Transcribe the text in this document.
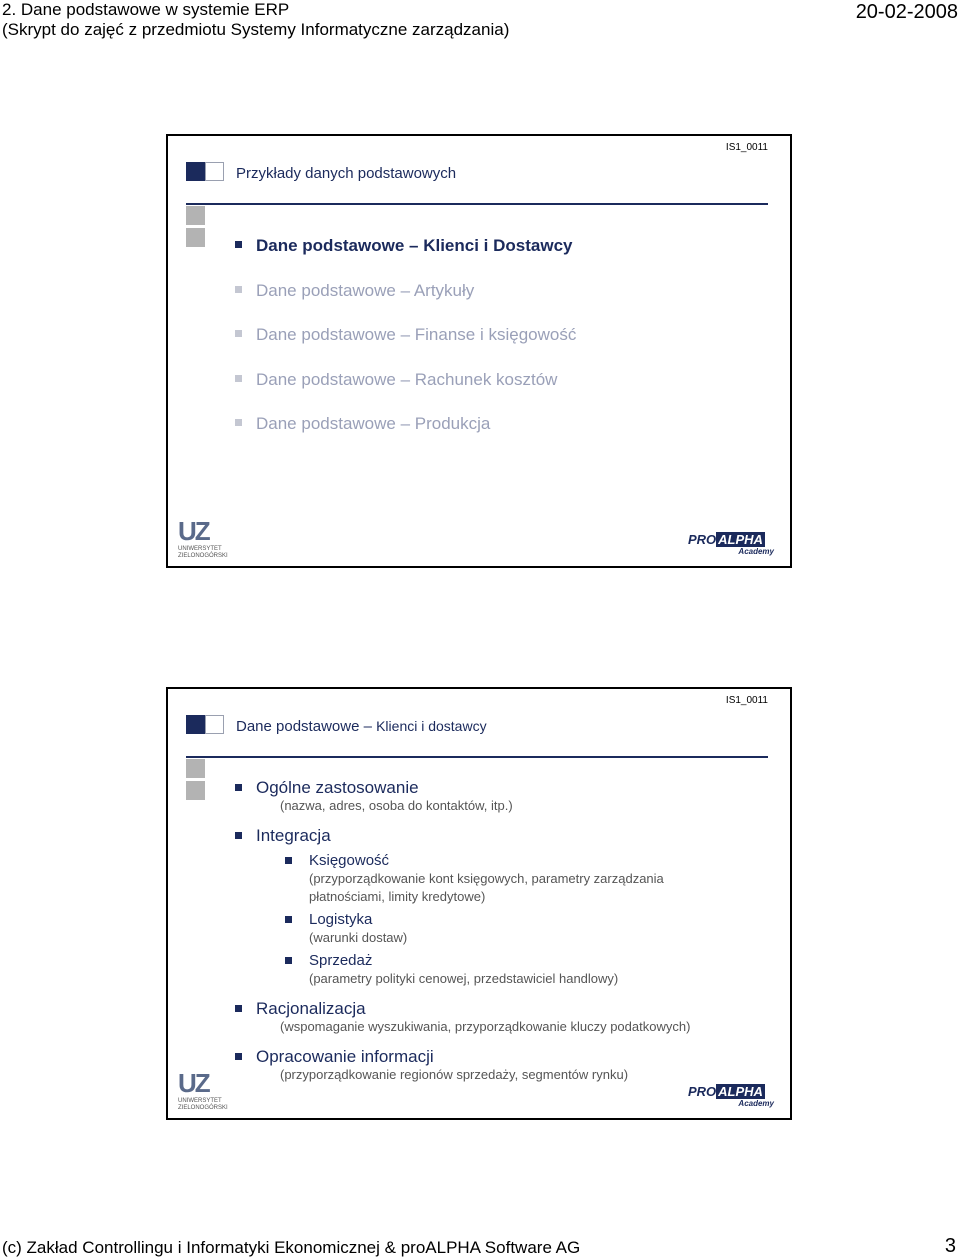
2. Dane podstawowe w systemie ERP
(Skrypt do zajęć z przedmiotu Systemy Informatyczne zarządzania)
20-02-2008
IS1_0011
Przykłady danych podstawowych
Dane podstawowe – Klienci i Dostawcy
Dane podstawowe – Artykuły
Dane podstawowe – Finanse i księgowość
Dane podstawowe – Rachunek kosztów
Dane podstawowe – Produkcja
UZ
UNIWERSYTET
ZIELONOGÓRSKI
PRO ALPHA
Academy
IS1_0011
Dane podstawowe – Klienci i dostawcy
Ogólne zastosowanie
(nazwa, adres, osoba do kontaktów, itp.)
Integracja
Księgowość
(przyporządkowanie kont księgowych, parametry zarządzania
płatnościami, limity kredytowe)
Logistyka
(warunki dostaw)
Sprzedaż
(parametry polityki cenowej, przedstawiciel handlowy)
Racjonalizacja
(wspomaganie wyszukiwania, przyporządkowanie kluczy podatkowych)
Opracowanie informacji
(przyporządkowanie regionów sprzedaży, segmentów rynku)
UZ
UNIWERSYTET
ZIELONOGÓRSKI
PRO ALPHA
Academy
(c) Zakład Controllingu i Informatyki Ekonomicznej & proALPHA Software AG	3
